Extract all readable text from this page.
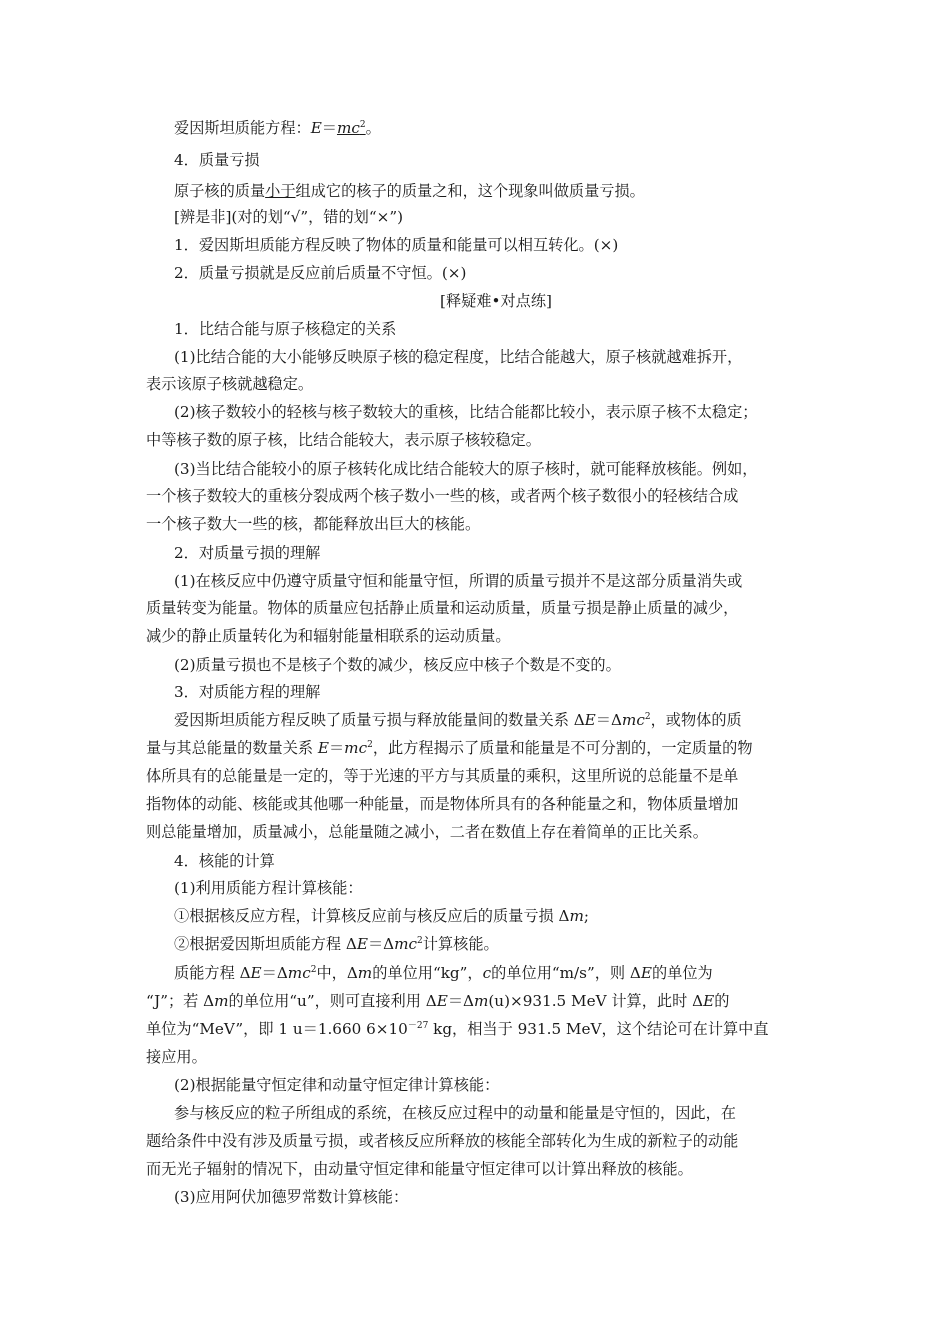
爱因斯坦质能方程：$E=mc^2$。
4．质量亏损
原子核的质量小于组成它的核子的质量之和，这个现象叫做质量亏损。
[辨是非](对的划“√”，错的划“×”)
1．爱因斯坦质能方程反映了物体的质量和能量可以相互转化。(×)
2．质量亏损就是反应前后质量不守恒。(×)
[释疑难•对点练]
1．比结合能与原子核稳定的关系
(1)比结合能的大小能够反映原子核的稳定程度，比结合能越大，原子核就越难拆开，
表示该原子核就越稳定。
(2)核子数较小的轻核与核子数较大的重核，比结合能都比较小，表示原子核不太稳定；
中等核子数的原子核，比结合能较大，表示原子核较稳定。
(3)当比结合能较小的原子核转化成比结合能较大的原子核时，就可能释放核能。例如，
一个核子数较大的重核分裂成两个核子数小一些的核，或者两个核子数很小的轻核结合成
一个核子数大一些的核，都能释放出巨大的核能。
2．对质量亏损的理解
(1)在核反应中仍遵守质量守恒和能量守恒，所谓的质量亏损并不是这部分质量消失或
质量转变为能量。物体的质量应包括静止质量和运动质量，质量亏损是静止质量的减少，
减少的静止质量转化为和辐射能量相联系的运动质量。
(2)质量亏损也不是核子个数的减少，核反应中核子个数是不变的。
3．对质能方程的理解
爱因斯坦质能方程反映了质量亏损与释放能量间的数量关系 ΔE＝Δmc$^2$，或物体的质
量与其总能量的数量关系 $E=mc^2$，此方程揭示了质量和能量是不可分割的，一定质量的物
体所具有的总能量是一定的，等于光速的平方与其质量的乘积，这里所说的总能量不是单
指物体的动能、核能或其他哪一种能量，而是物体所具有的各种能量之和，物体质量增加
则总能量增加，质量减小，总能量随之减小，二者在数值上存在着简单的正比关系。
4．核能的计算
(1)利用质能方程计算核能：
①根据核反应方程，计算核反应前与核反应后的质量亏损 Δm;
②根据爱因斯坦质能方程 ΔE＝Δmc$^2$计算核能。
质能方程 ΔE＝Δmc$^2$中，Δm的单位用“kg”，c的单位用“m/s”，则 ΔE的单位为
“J”；若 Δm的单位用“u”，则可直接利用 ΔE＝Δm(u)×931.5 MeV 计算，此时 ΔE的
单位为“MeV”，即 1 u＝1.660 $6\times 10^{-27}$ kg，相当于 931.5 MeV，这个结论可在计算中直
接应用。
(2)根据能量守恒定律和动量守恒定律计算核能：
参与核反应的粒子所组成的系统，在核反应过程中的动量和能量是守恒的，因此，在
题给条件中没有涉及质量亏损，或者核反应所释放的核能全部转化为生成的新粒子的动能
而无光子辐射的情况下，由动量守恒定律和能量守恒定律可以计算出释放的核能。
(3)应用阿伏加德罗常数计算核能：
